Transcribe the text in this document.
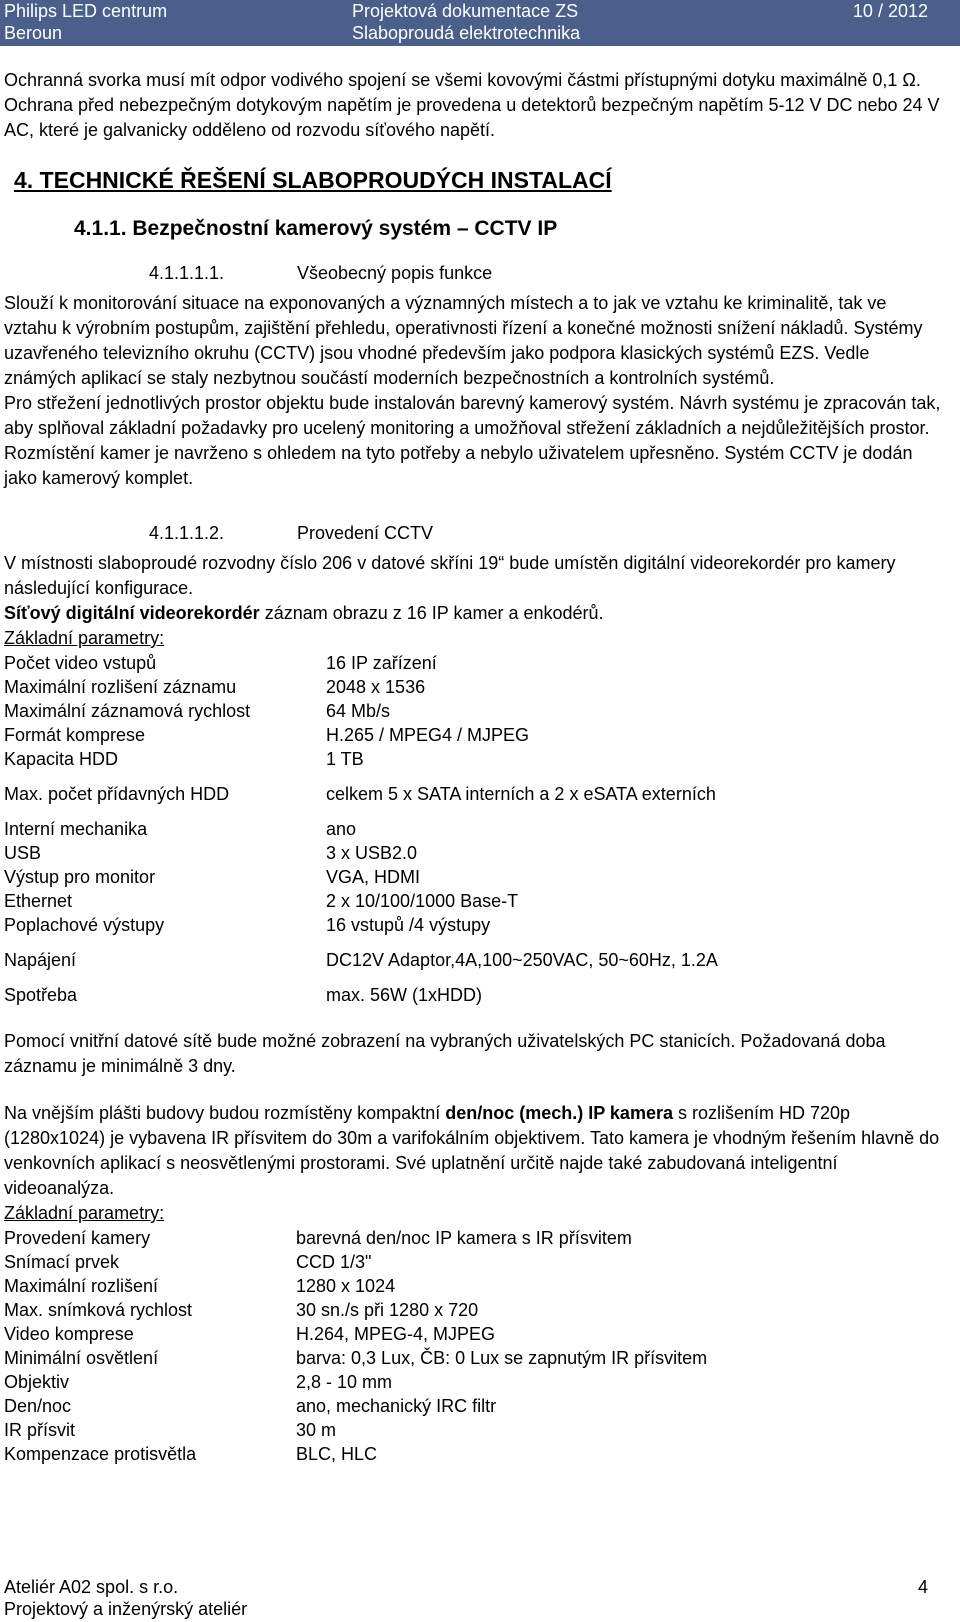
Philips LED centrum
Beroun
Projektová dokumentace ZS
Slaboproudá elektrotechnika
10 / 2012

Ochranná svorka musí mít odpor vodivého spojení se všemi kovovými částmi přístupnými dotyku maximálně 0,1 Ω.

Ochrana před nebezpečným dotykovým napětím je provedena u detektorů bezpečným napětím 5-12 V DC nebo 24 V AC, které je galvanicky odděleno od rozvodu síťového napětí.

4. TECHNICKÉ ŘEŠENÍ SLABOPROUDÝCH INSTALACÍ
4.1.1. Bezpečnostní kamerový systém – CCTV IP
4.1.1.1.1.	Všeobecný popis funkce

Slouží k monitorování situace na exponovaných a významných místech a to jak ve vztahu ke kriminalitě, tak ve vztahu k výrobním postupům, zajištění přehledu, operativnosti řízení a konečné možnosti snížení nákladů. Systémy uzavřeného televizního okruhu (CCTV) jsou vhodné především jako podpora klasických systémů EZS. Vedle známých aplikací se staly nezbytnou součástí moderních bezpečnostních a kontrolních systémů.

Pro střežení jednotlivých prostor objektu bude instalován barevný kamerový systém. Návrh systému je zpracován tak, aby splňoval základní požadavky pro ucelený monitoring a umožňoval střežení základních a nejdůležitějších prostor. Rozmístění kamer je navrženo s ohledem na tyto potřeby a nebylo uživatelem upřesněno. Systém CCTV je dodán jako kamerový komplet.

4.1.1.1.2.	Provedení CCTV

V místnosti slaboproudé rozvodny číslo 206 v datové skříni 19“ bude umístěn digitální videorekordér pro kamery následující konfigurace.

Síťový digitální videorekordér záznam obrazu z 16 IP kamer a enkodérů.

Základní parametry:

Počet video vstupů	16 IP zařízení
Maximální rozlišení záznamu	2048 x 1536
Maximální záznamová rychlost	64 Mb/s
Formát komprese	H.265 / MPEG4 / MJPEG
Kapacita HDD	1 TB
Max. počet přídavných HDD	celkem 5 x SATA interních a 2 x eSATA externích
Interní mechanika	ano
USB	3 x USB2.0
Výstup pro monitor	VGA, HDMI
Ethernet	2 x 10/100/1000 Base-T
Poplachové výstupy	16 vstupů /4 výstupy
Napájení	DC12V Adaptor,4A,100~250VAC, 50~60Hz, 1.2A
Spotřeba	max. 56W (1xHDD)

Pomocí vnitřní datové sítě bude možné zobrazení na vybraných uživatelských PC stanicích. Požadovaná doba záznamu je minimálně 3 dny.

Na vnějším plášti budovy budou rozmístěny kompaktní den/noc (mech.) IP kamera s rozlišením HD 720p (1280x1024) je vybavena IR přísvitem do 30m a varifokálním objektivem. Tato kamera je vhodným řešením hlavně do venkovních aplikací s neosvětlenými prostorami. Své uplatnění určitě najde také zabudovaná inteligentní videoanalýza.

Základní parametry:

Provedení kamery	barevná den/noc IP kamera s IR přísvitem
Snímací prvek	CCD 1/3"
Maximální rozlišení	1280 x 1024
Max. snímková rychlost	30 sn./s při 1280 x 720
Video komprese	H.264, MPEG-4, MJPEG
Minimální osvětlení	barva: 0,3 Lux, ČB: 0 Lux se zapnutým IR přísvitem
Objektiv	2,8 - 10 mm
Den/noc	ano, mechanický IRC filtr
IR přísvit	30 m
Kompenzace protisvětla	BLC, HLC
Ateliér A02 spol. s r.o.
Projektový a inženýrský ateliér
4
